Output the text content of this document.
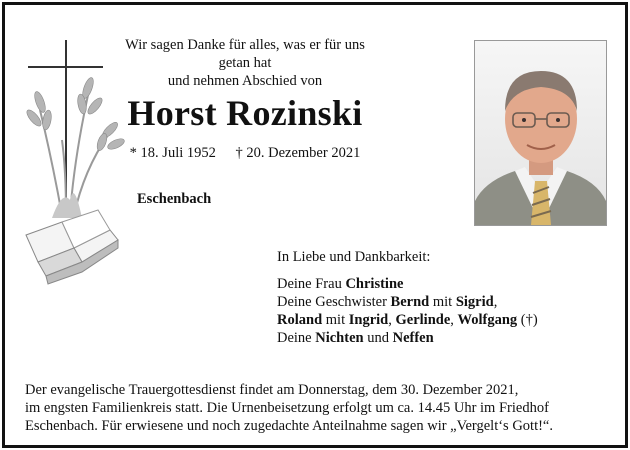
Wir sagen Danke für alles, was er für uns getan hat
und nehmen Abschied von
Horst Rozinski
* 18. Juli 1952 † 20. Dezember 2021
Eschenbach
In Liebe und Dankbarkeit:
Deine Frau Christine
Deine Geschwister Bernd mit Sigrid,
Roland mit Ingrid, Gerlinde, Wolfgang (†)
Deine Nichten und Neffen
Der evangelische Trauergottesdienst findet am Donnerstag, dem 30. Dezember 2021,
im engsten Familienkreis statt. Die Urnenbeisetzung erfolgt um ca. 14.45 Uhr im Friedhof
Eschenbach. Für erwiesene und noch zugedachte Anteilnahme sagen wir „Vergelt‘s Gott!“.
